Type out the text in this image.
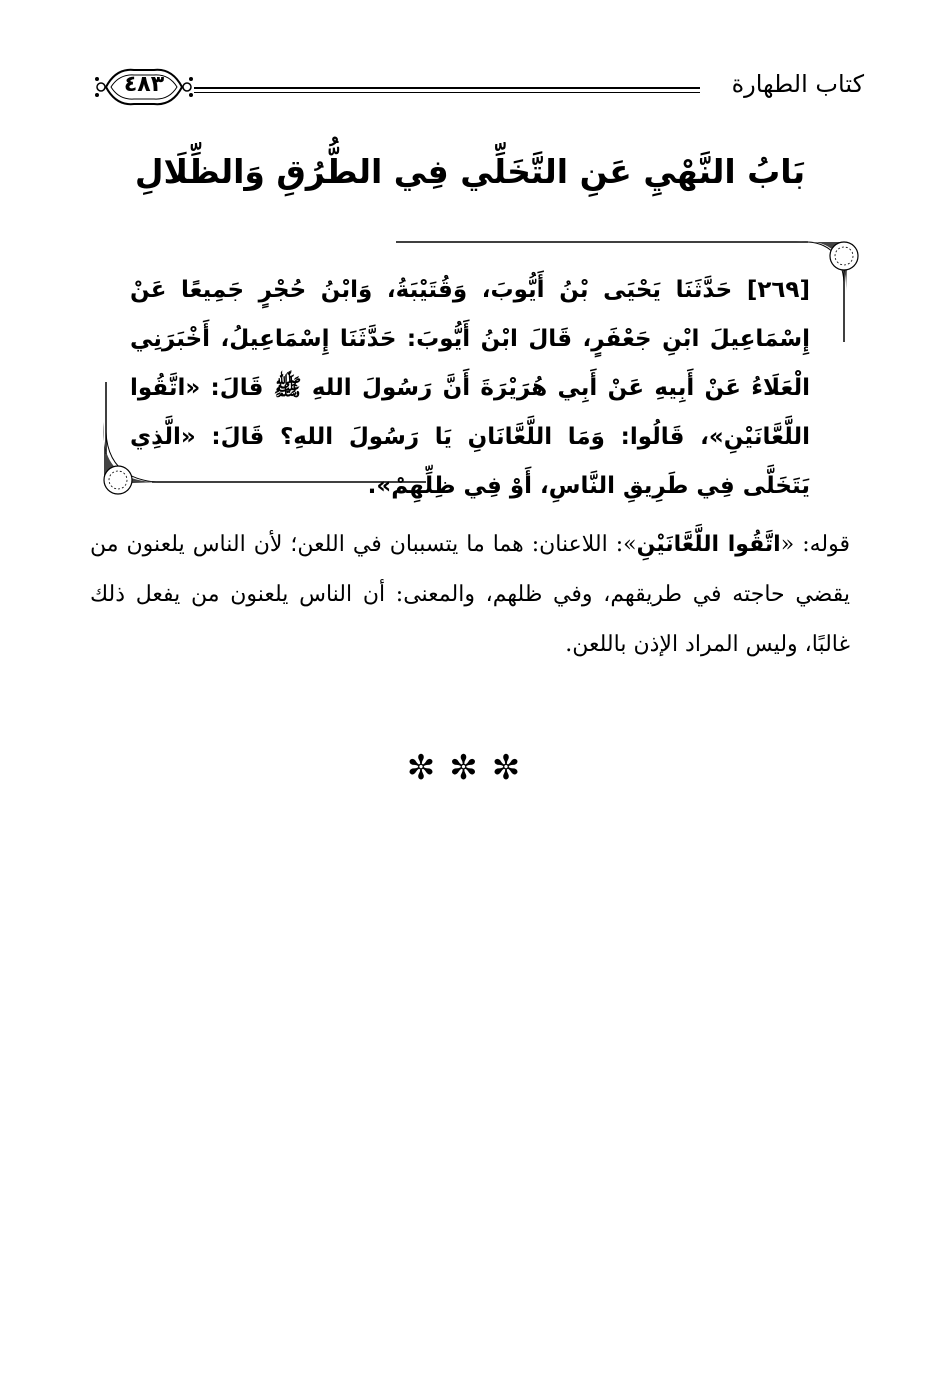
كتاب الطهارة
٤٨٣
بَابُ النَّهْيِ عَنِ التَّخَلِّي فِي الطُّرُقِ وَالظِّلَالِ
[٢٦٩] حَدَّثَنَا يَحْيَى بْنُ أَيُّوبَ، وَقُتَيْبَةُ، وَابْنُ حُجْرٍ جَمِيعًا عَنْ إِسْمَاعِيلَ ابْنِ جَعْفَرٍ، قَالَ ابْنُ أَيُّوبَ: حَدَّثَنَا إِسْمَاعِيلُ، أَخْبَرَنِي الْعَلَاءُ عَنْ أَبِيهِ عَنْ أَبِي هُرَيْرَةَ أَنَّ رَسُولَ اللهِ ﷺ قَالَ: «اتَّقُوا اللَّعَّانَيْنِ»، قَالُوا: وَمَا اللَّعَّانَانِ يَا رَسُولَ اللهِ؟ قَالَ: «الَّذِي يَتَخَلَّى فِي طَرِيقِ النَّاسِ، أَوْ فِي ظِلِّهِمْ».
قوله: «اتَّقُوا اللَّعَّانَيْنِ»: اللاعنان: هما ما يتسببان في اللعن؛ لأن الناس يلعنون من يقضي حاجته في طريقهم، وفي ظلهم، والمعنى: أن الناس يلعنون من يفعل ذلك غالبًا، وليس المراد الإذن باللعن.
✼✼✼
